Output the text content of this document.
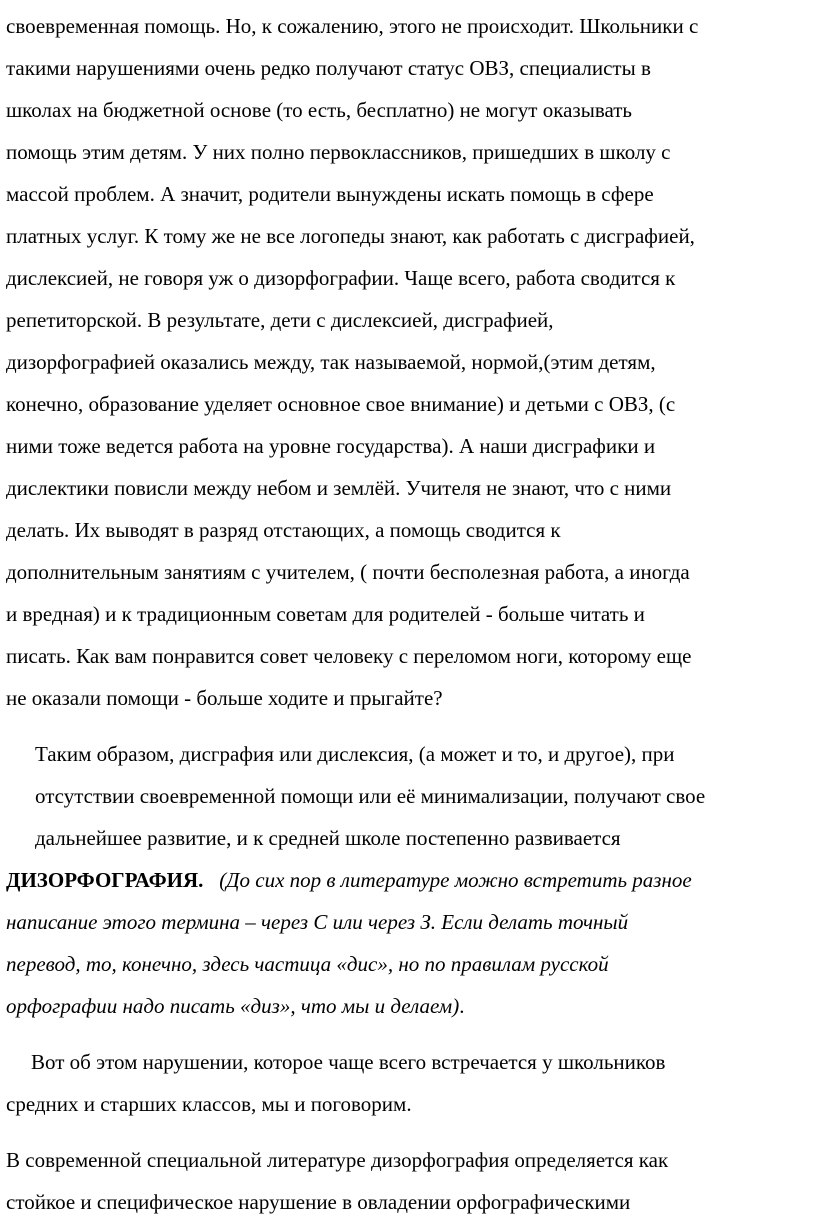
своевременная помощь. Но, к сожалению, этого не происходит. Школьники с
такими нарушениями очень редко получают статус ОВЗ, специалисты в
школах на бюджетной основе (то есть, бесплатно) не могут оказывать
помощь этим детям. У них полно первоклассников, пришедших в школу с
массой проблем. А значит, родители вынуждены искать помощь в сфере
платных услуг. К тому же не все логопеды знают, как работать с дисграфией,
дислексией, не говоря уж о дизорфографии. Чаще всего, работа сводится к
репетиторской. В результате, дети с дислексией, дисграфией,
дизорфографией оказались между, так называемой, нормой,(этим детям,
конечно, образование уделяет основное свое внимание) и детьми с ОВЗ, (с
ними тоже ведется работа на уровне государства). А наши дисграфики и
дислектики повисли между небом и землёй. Учителя не знают, что с ними
делать. Их выводят в разряд отстающих, а помощь сводится к
дополнительным занятиям с учителем, ( почти бесполезная работа, а иногда
и вредная) и к традиционным советам для родителей - больше читать и
писать. Как вам понравится совет человеку с переломом ноги, которому еще
не оказали помощи - больше ходите и прыгайте?

Таким образом, дисграфия или дислексия, (а может и то, и другое), при
отсутствии своевременной помощи или её минимализации, получают свое
дальнейшее развитие, и к средней школе постепенно развивается
ДИЗОРФОГРАФИЯ. (До сих пор в литературе можно встретить разное
написание этого термина – через С или через З. Если делать точный
перевод, то, конечно, здесь частица «дис», но по правилам русской
орфографии надо писать «диз», что мы и делаем).

Вот об этом нарушении, которое чаще всего встречается у школьников
средних и старших классов, мы и поговорим.

В современной специальной литературе дизорфография определяется как
стойкое и специфическое нарушение в овладении орфографическими
